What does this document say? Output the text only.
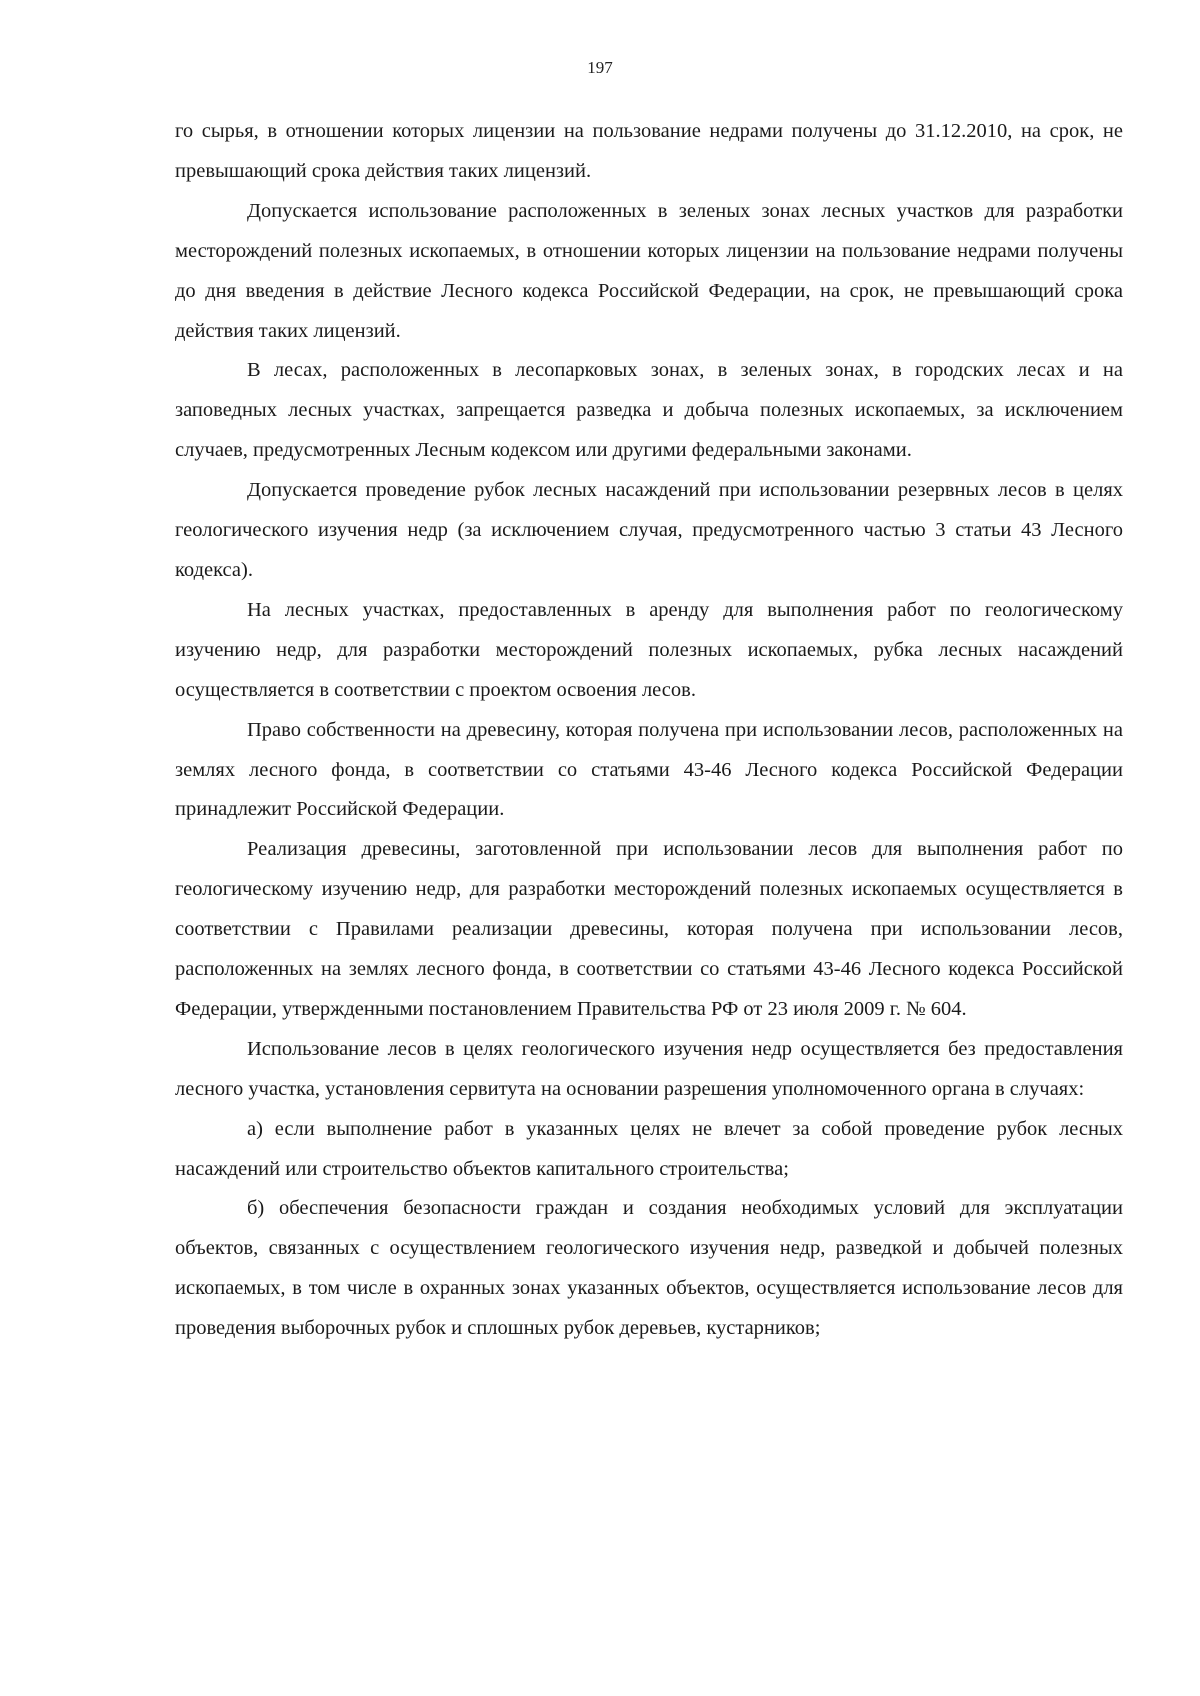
197

го сырья, в отношении которых лицензии на пользование недрами получены до 31.12.2010, на срок, не превышающий срока действия таких лицензий.

Допускается использование расположенных в зеленых зонах лесных участков для разработки месторождений полезных ископаемых, в отношении которых лицензии на пользование недрами получены до дня введения в действие Лесного кодекса Российской Федерации, на срок, не превышающий срока действия таких лицензий.

В лесах, расположенных в лесопарковых зонах, в зеленых зонах, в городских лесах и на заповедных лесных участках, запрещается разведка и добыча полезных ископаемых, за исключением случаев, предусмотренных Лесным кодексом или другими федеральными законами.

Допускается проведение рубок лесных насаждений при использовании резервных лесов в целях геологического изучения недр (за исключением случая, предусмотренного частью 3 статьи 43 Лесного кодекса).

На лесных участках, предоставленных в аренду для выполнения работ по геологическому изучению недр, для разработки месторождений полезных ископаемых, рубка лесных насаждений осуществляется в соответствии с проектом освоения лесов.

Право собственности на древесину, которая получена при использовании лесов, расположенных на землях лесного фонда, в соответствии со статьями 43-46 Лесного кодекса Российской Федерации принадлежит Российской Федерации.

Реализация древесины, заготовленной при использовании лесов для выполнения работ по геологическому изучению недр, для разработки месторождений полезных ископаемых осуществляется в соответствии с Правилами реализации древесины, которая получена при использовании лесов, расположенных на землях лесного фонда, в соответствии со статьями 43-46 Лесного кодекса Российской Федерации, утвержденными постановлением Правительства РФ от 23 июля 2009 г. № 604.

Использование лесов в целях геологического изучения недр осуществляется без предоставления лесного участка, установления сервитута на основании разрешения уполномоченного органа в случаях:

а) если выполнение работ в указанных целях не влечет за собой проведение рубок лесных насаждений или строительство объектов капитального строительства;

б) обеспечения безопасности граждан и создания необходимых условий для эксплуатации объектов, связанных с осуществлением геологического изучения недр, разведкой и добычей полезных ископаемых, в том числе в охранных зонах указанных объектов, осуществляется использование лесов для проведения выборочных рубок и сплошных рубок деревьев, кустарников;
